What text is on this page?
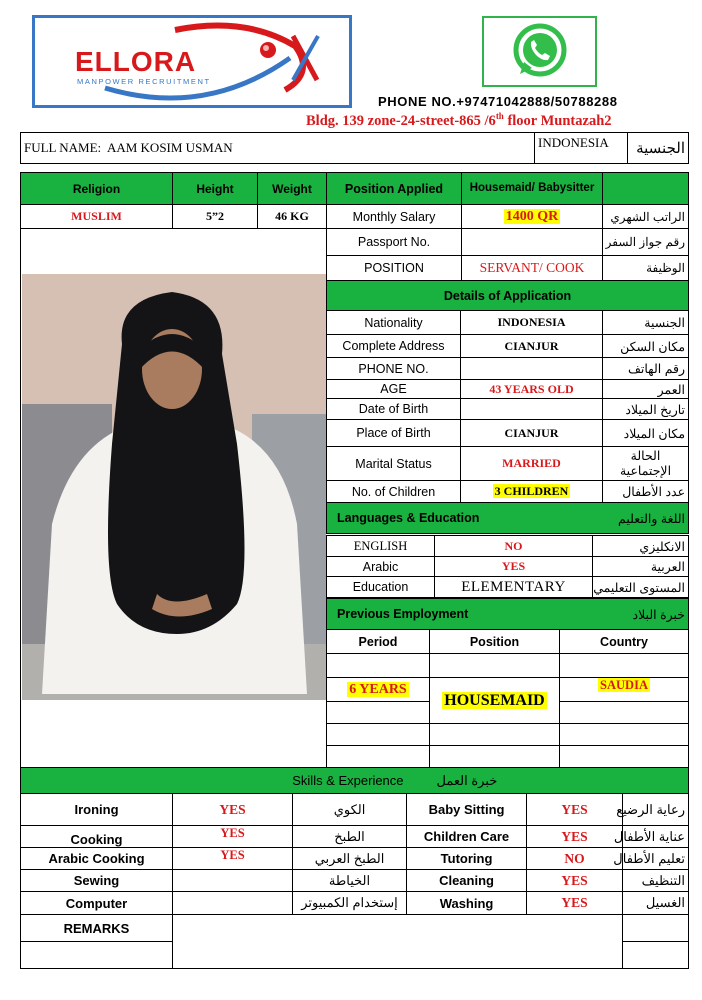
ELLORA
MANPOWER RECRUITMENT
PHONE NO.+97471042888/50788288
Bldg. 139 zone-24-street-865 /6th floor Muntazah2
FULL NAME: AAM KOSIM USMAN	INDONESIA	الجنسية
Religion	Height	Weight	Position Applied	Housemaid/ Babysitter	
MUSLIM	5”2	46 KG	Monthly Salary	1400 QR	الراتب الشهري
			Passport No.		رقم جواز السفر
			POSITION	SERVANT/ COOK	الوظيفة
Details of Application		
Nationality	INDONESIA	الجنسية
Complete Address	CIANJUR	مكان السكن
PHONE NO.		رقم الهاتف
AGE	43 YEARS OLD	العمر
Date of Birth		تاريخ الميلاد
Place of Birth	CIANJUR	مكان الميلاد
Marital Status	MARRIED	الحالة الإجتماعية
No. of Children	3 CHILDREN	عدد الأطفال
Languages & Education		اللغة والتعليم
ENGLISH	NO	الانكليزي
Arabic	YES	العربية
Education	ELEMENTARY	المستوى التعليمي
Previous Employment		خبرة البلاد
Period	Position	Country

6 YEARS	HOUSEMAID	SAUDIA

Skills & Experience			خبرة العمل		
Ironing	YES	الكوي	Baby Sitting	YES	رعاية الرضيع
Cooking	YES	الطبخ	Children Care	YES	عناية الأطفال
Arabic Cooking	YES	الطبخ العربي	Tutoring	NO	تعليم الأطفال
Sewing		الخياطة	Cleaning	YES	التنظيف
Computer		إستخدام الكمبيوتر	Washing	YES	الغسيل
REMARKS					
